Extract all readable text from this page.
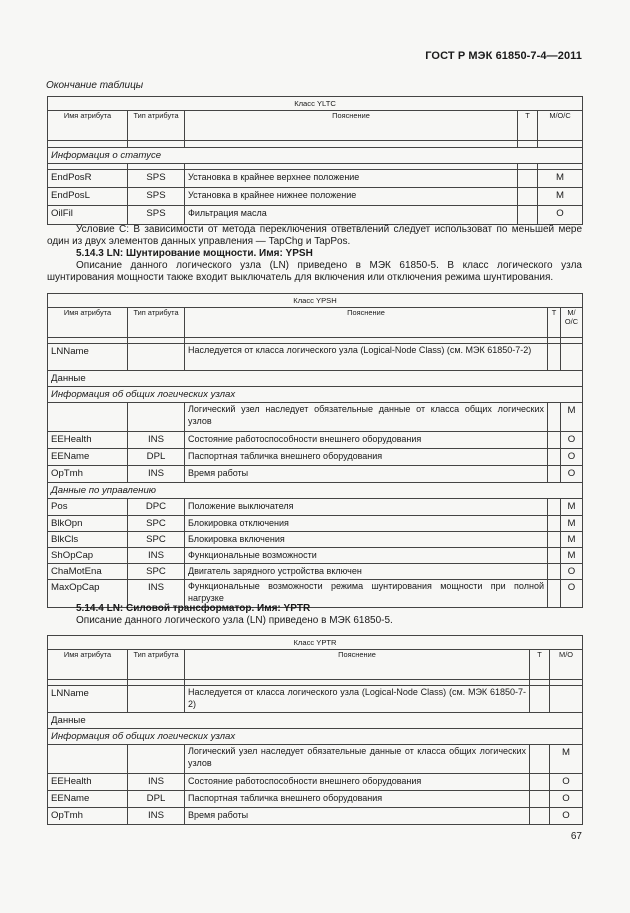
ГОСТ Р МЭК 61850-7-4—2011
Окончание таблицы
Класс YLTC				
Имя атрибута	Тип атрибута	Пояснение	Т	М/О/С

Информация о статусе				

EndPosR	SPS	Установка в крайнее верхнее положение		M
EndPosL	SPS	Установка в крайнее нижнее положение		M
OilFil	SPS	Фильтрация масла		O

Условие С: В зависимости от метода переключения ответвлений следует использоват по меньшей мере один из двух элементов данных управления — TapChg и TapPos.

5.14.3 LN: Шунтирование мощности. Имя: YPSH

Описание данного логического узла (LN) приведено в МЭК 61850-5. В класс логического узла шунтирования мощности также входит выключатель для включения или отключения режима шунтирования.

Класс YPSH				
Имя атрибута	Тип атрибута	Пояснение	Т	М/О/С

LNName		Наследуется от класса логического узла (Logical-Node Class) (см. МЭК 61850-7-2)		
Данные				
Информация об общих логических узлах				
		Логический узел наследует обязательные данные от класса общих логических узлов		M
EEHealth	INS	Состояние работоспособности внешнего оборудования		O
EEName	DPL	Паспортная табличка внешнего оборудования		O
OpTmh	INS	Время работы		O
Данные по управлению				
Pos	DPC	Положение выключателя		M
BlkOpn	SPC	Блокировка отключения		M
BlkCls	SPC	Блокировка включения		M
ShOpCap	INS	Функциональные возможности		M
ChaMotEna	SPC	Двигатель зарядного устройства включен		O
MaxOpCap	INS	Функциональные возможности режима шунтирования мощности при полной нагрузке		O

5.14.4 LN: Силовой трансформатор. Имя: YPTR

Описание данного логического узла (LN) приведено в МЭК 61850-5.

Класс YPTR				
Имя атрибута	Тип атрибута	Пояснение	Т	М/О

LNName		Наследуется от класса логического узла (Logical-Node Class) (см. МЭК 61850-7-2)		
Данные				
Информация об общих логических узлах				
		Логический узел наследует обязательные данные от класса общих логических узлов		M
EEHealth	INS	Состояние работоспособности внешнего оборудования		O
EEName	DPL	Паспортная табличка внешнего оборудования		O
OpTmh	INS	Время работы		O
67
